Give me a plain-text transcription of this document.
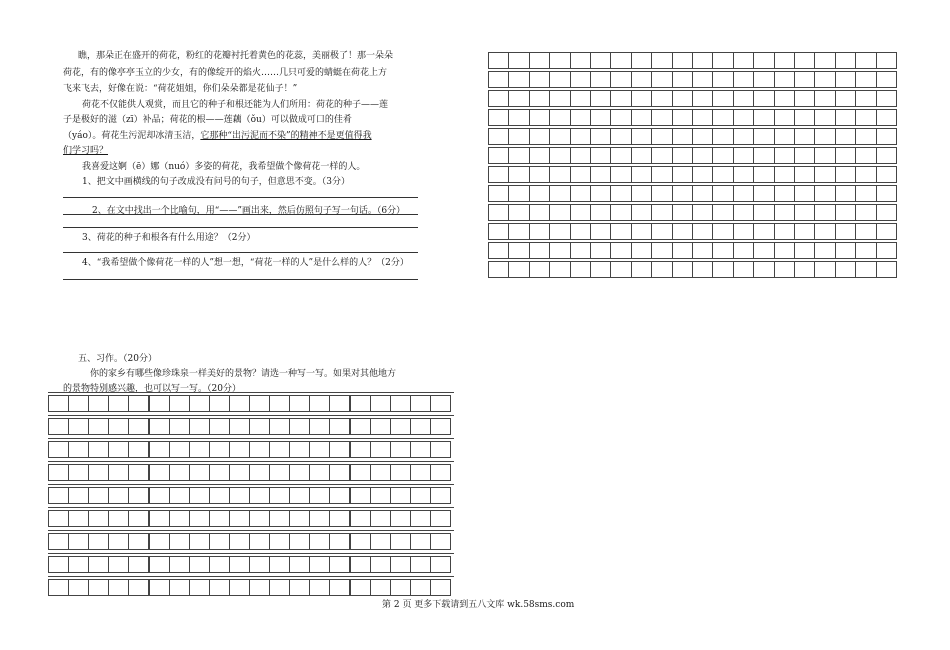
瞧，那朵正在盛开的荷花，粉红的花瓣衬托着黄色的花蕊，美丽极了！那一朵朵
荷花，有的像亭亭玉立的少女，有的像绽开的焰火……几只可爱的蜻蜓在荷花上方
飞来飞去，好像在说：“荷花姐姐，你们朵朵都是花仙子！”
荷花不仅能供人观赏，而且它的种子和根还能为人们所用：荷花的种子——莲
子是极好的滋（zī）补品；荷花的根——莲藕（ǒu）可以做成可口的佳肴
（yáo）。荷花生污泥却冰清玉洁，它那种“出污泥而不染”的精神不是更值得我
们学习吗？
我喜爱这婀（ē）娜（nuó）多姿的荷花，我希望做个像荷花一样的人。
1、把文中画横线的句子改成没有问号的句子，但意思不变。（3分）
2、在文中找出一个比喻句，用“——”画出来，然后仿照句子写一句话。（6分）
3、荷花的种子和根各有什么用途？（2分）
4、“我希望做个像荷花一样的人”想一想，“荷花一样的人”是什么样的人？（2分）
五、习作。（20分）
你的家乡有哪些像珍珠泉一样美好的景物？请选一种写一写。如果对其他地方
的景物特别感兴趣，也可以写一写。（20分）
第 2 页 更多下载请到五八文库 wk.58sms.com
